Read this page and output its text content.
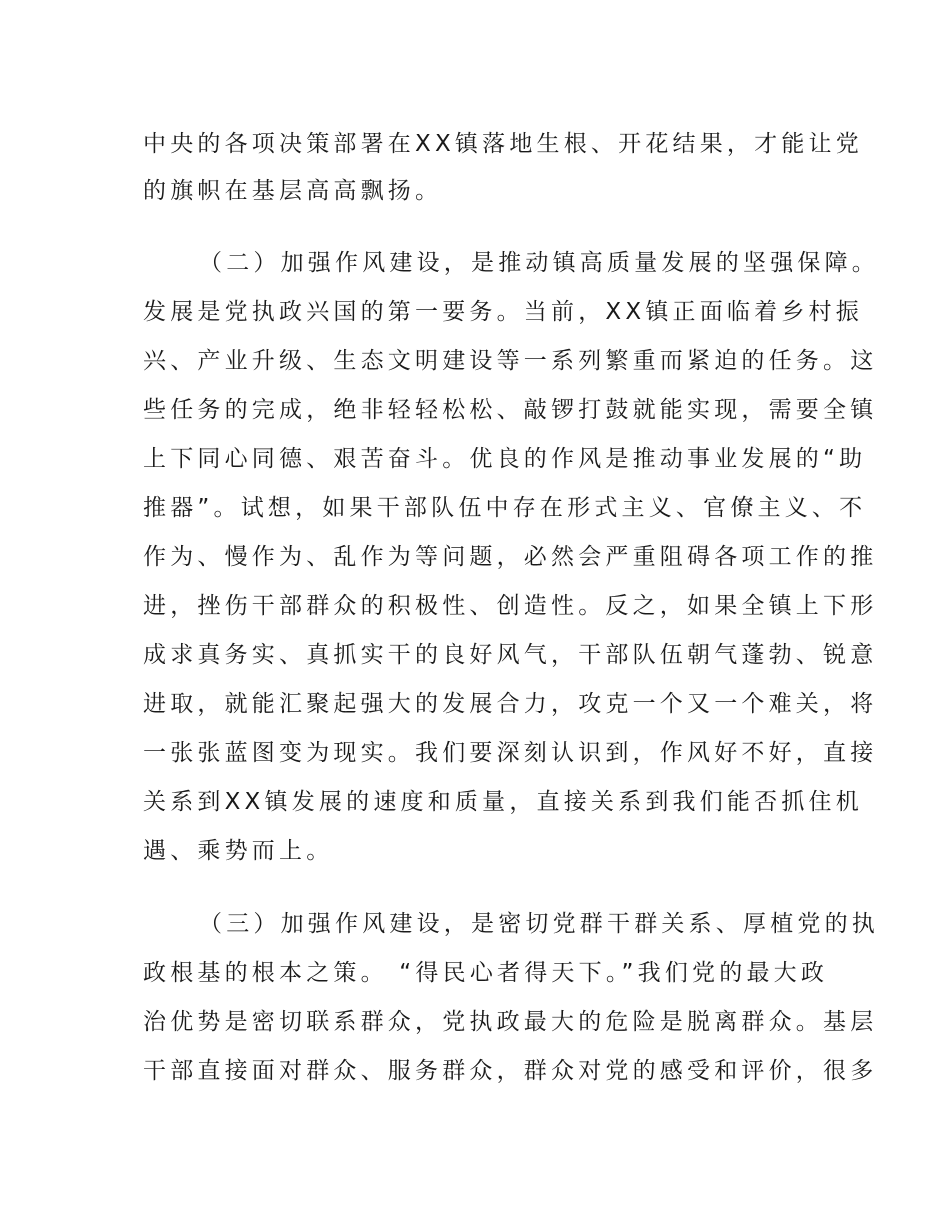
中央的各项决策部署在XX镇落地生根、开花结果，才能让党
的旗帜在基层高高飘扬。

（二）加强作风建设，是推动镇高质量发展的坚强保障。
发展是党执政兴国的第一要务。当前，XX镇正面临着乡村振
兴、产业升级、生态文明建设等一系列繁重而紧迫的任务。这
些任务的完成，绝非轻轻松松、敲锣打鼓就能实现，需要全镇
上下同心同德、艰苦奋斗。优良的作风是推动事业发展的“助
推器”。试想，如果干部队伍中存在形式主义、官僚主义、不
作为、慢作为、乱作为等问题，必然会严重阻碍各项工作的推
进，挫伤干部群众的积极性、创造性。反之，如果全镇上下形
成求真务实、真抓实干的良好风气，干部队伍朝气蓬勃、锐意
进取，就能汇聚起强大的发展合力，攻克一个又一个难关，将
一张张蓝图变为现实。我们要深刻认识到，作风好不好，直接
关系到XX镇发展的速度和质量，直接关系到我们能否抓住机
遇、乘势而上。

（三）加强作风建设，是密切党群干群关系、厚植党的执
政根基的根本之策。 “得民心者得天下。”我们党的最大政
治优势是密切联系群众，党执政最大的危险是脱离群众。基层
干部直接面对群众、服务群众，群众对党的感受和评价，很多
